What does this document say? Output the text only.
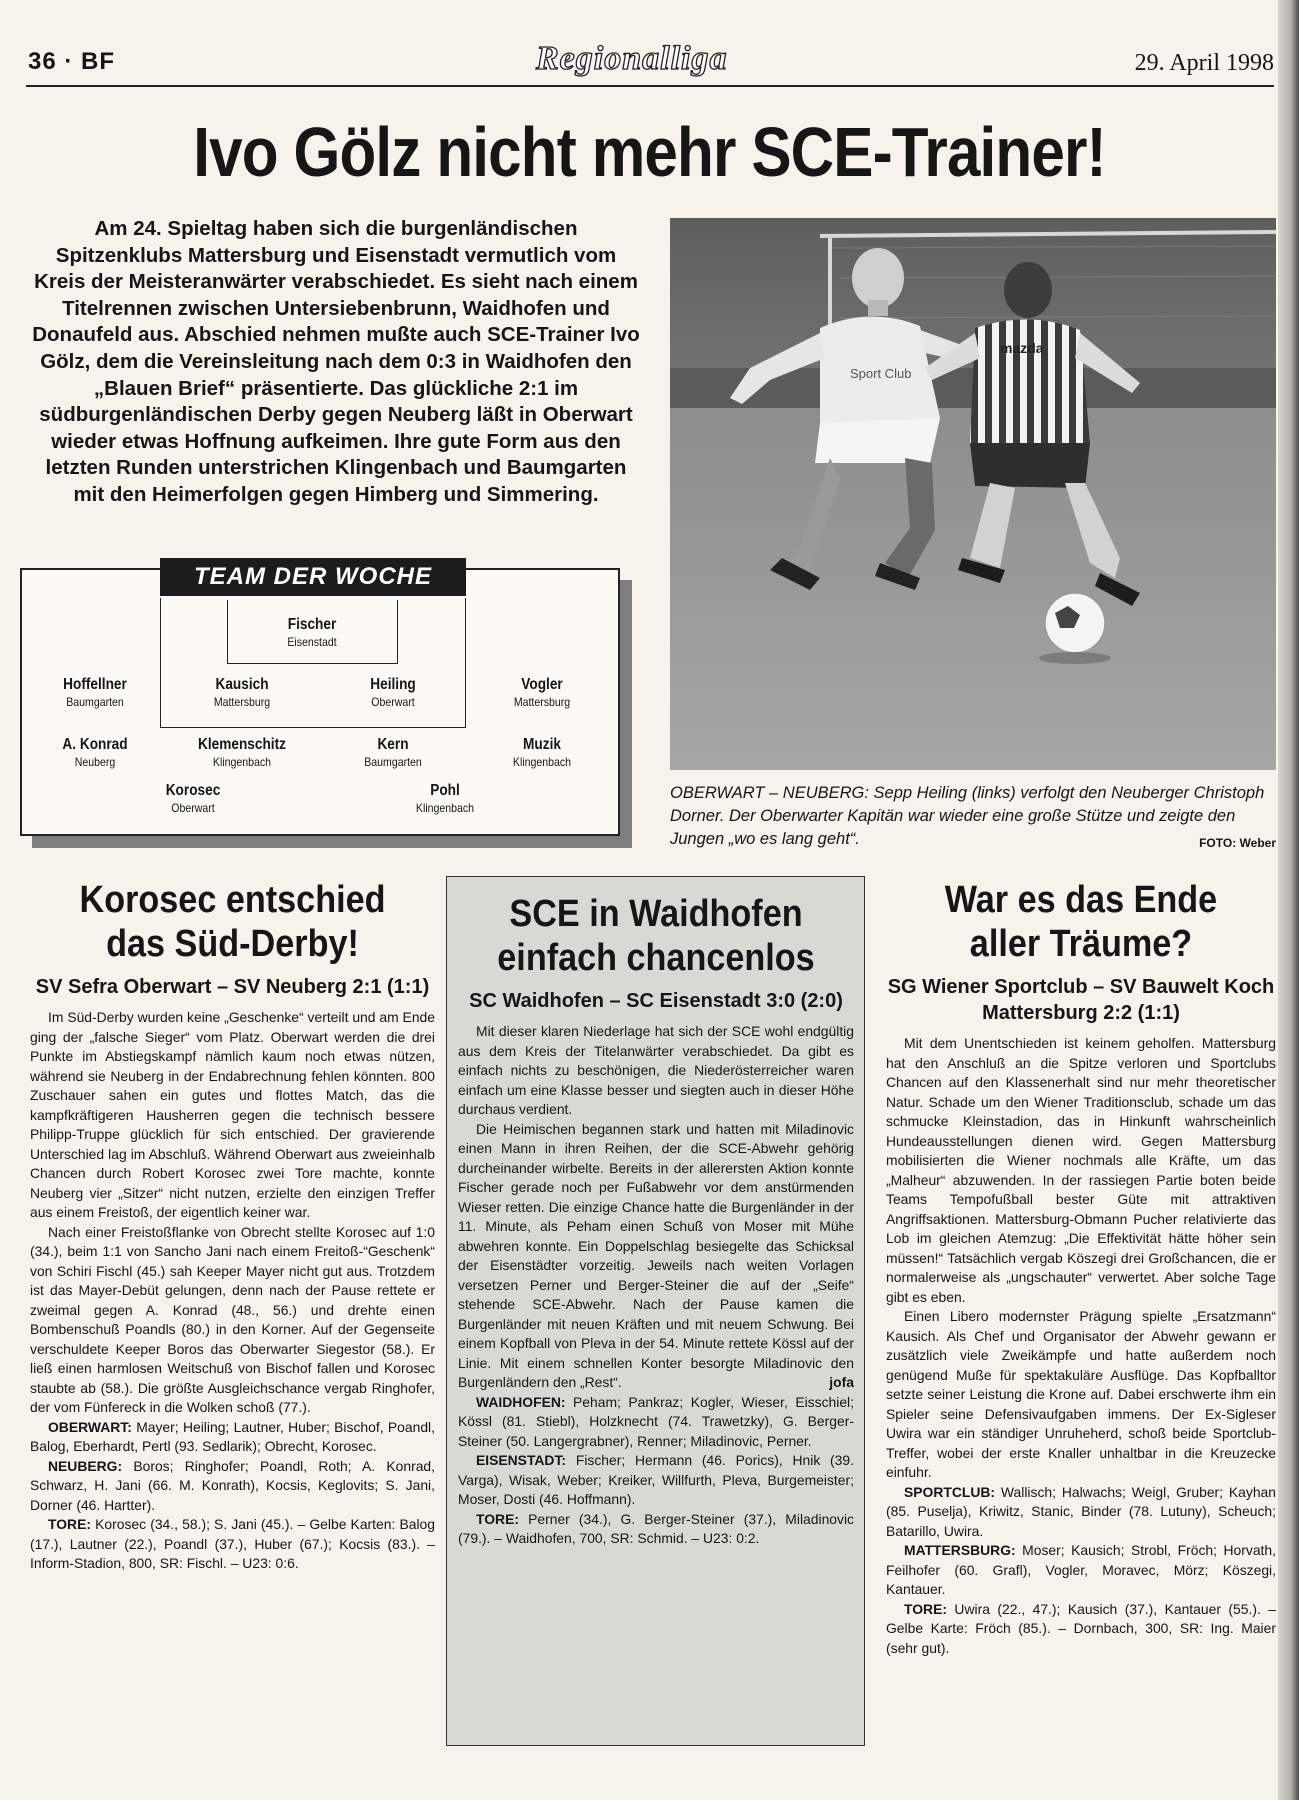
36 · BF	Regionalliga	29. April 1998
Ivo Gölz nicht mehr SCE-Trainer!
Am 24. Spieltag haben sich die burgenländischen Spitzenklubs Mattersburg und Eisenstadt vermutlich vom Kreis der Meisteranwärter verabschiedet. Es sieht nach einem Titelrennen zwischen Untersiebenbrunn, Waidhofen und Donaufeld aus. Abschied nehmen mußte auch SCE-Trainer Ivo Gölz, dem die Vereinsleitung nach dem 0:3 in Waidhofen den „Blauen Brief“ präsentierte. Das glückliche 2:1 im südburgenländischen Derby gegen Neuberg läßt in Oberwart wieder etwas Hoffnung aufkeimen. Ihre gute Form aus den letzten Runden unterstrichen Klingenbach und Baumgarten mit den Heimerfolgen gegen Himberg und Simmering.
Sport Club
mazda
OBERWART – NEUBERG: Sepp Heiling (links) verfolgt den Neuberger Christoph Dorner. Der Oberwarter Kapitän war wieder eine große Stütze und zeigte den Jungen „wo es lang geht“.	FOTO: Weber
TEAM DER WOCHE
Fischer
Eisenstadt
Hoffellner
Baumgarten
Kausich
Mattersburg
Heiling
Oberwart
Vogler
Mattersburg
A. Konrad
Neuberg
Klemenschitz
Klingenbach
Kern
Baumgarten
Muzik
Klingenbach
Korosec
Oberwart
Pohl
Klingenbach
Korosec entschied das Süd-Derby!
SV Sefra Oberwart – SV Neuberg 2:1 (1:1)

Im Süd-Derby wurden keine „Geschenke“ verteilt und am Ende ging der „falsche Sieger“ vom Platz. Oberwart werden die drei Punkte im Abstiegskampf nämlich kaum noch etwas nützen, während sie Neuberg in der Endabrechnung fehlen könnten. 800 Zuschauer sahen ein gutes und flottes Match, das die kampfkräftigeren Hausherren gegen die technisch bessere Philipp-Truppe glücklich für sich entschied. Der gravierende Unterschied lag im Abschluß. Während Oberwart aus zweieinhalb Chancen durch Robert Korosec zwei Tore machte, konnte Neuberg vier „Sitzer“ nicht nutzen, erzielte den einzigen Treffer aus einem Freistoß, der eigentlich keiner war.

Nach einer Freistoßflanke von Obrecht stellte Korosec auf 1:0 (34.), beim 1:1 von Sancho Jani nach einem Freitoß-“Geschenk“ von Schiri Fischl (45.) sah Keeper Mayer nicht gut aus. Trotzdem ist das Mayer-Debüt gelungen, denn nach der Pause rettete er zweimal gegen A. Konrad (48., 56.) und drehte einen Bombenschuß Poandls (80.) in den Korner. Auf der Gegenseite verschuldete Keeper Boros das Oberwarter Siegestor (58.). Er ließ einen harmlosen Weitschuß von Bischof fallen und Korosec staubte ab (58.). Die größte Ausgleichschance vergab Ringhofer, der vom Fünfereck in die Wolken schoß (77.).

OBERWART: Mayer; Heiling; Lautner, Huber; Bischof, Poandl, Balog, Eberhardt, Pertl (93. Sedlarik); Obrecht, Korosec.

NEUBERG: Boros; Ringhofer; Poandl, Roth; A. Konrad, Schwarz, H. Jani (66. M. Konrath), Kocsis, Keglovits; S. Jani, Dorner (46. Hartter).

TORE: Korosec (34., 58.); S. Jani (45.). – Gelbe Karten: Balog (17.), Lautner (22.), Poandl (37.), Huber (67.); Kocsis (83.). – Inform-Stadion, 800, SR: Fischl. – U23: 0:6.

SCE in Waidhofen einfach chancenlos
SC Waidhofen – SC Eisenstadt 3:0 (2:0)

Mit dieser klaren Niederlage hat sich der SCE wohl endgültig aus dem Kreis der Titelanwärter verabschiedet. Da gibt es einfach nichts zu beschönigen, die Niederösterreicher waren einfach um eine Klasse besser und siegten auch in dieser Höhe durchaus verdient.

Die Heimischen begannen stark und hatten mit Miladinovic einen Mann in ihren Reihen, der die SCE-Abwehr gehörig durcheinander wirbelte. Bereits in der allerersten Aktion konnte Fischer gerade noch per Fußabwehr vor dem anstürmenden Wieser retten. Die einzige Chance hatte die Burgenländer in der 11. Minute, als Peham einen Schuß von Moser mit Mühe abwehren konnte. Ein Doppelschlag besiegelte das Schicksal der Eisenstädter vorzeitig. Jeweils nach weiten Vorlagen versetzen Perner und Berger-Steiner die auf der „Seife“ stehende SCE-Abwehr. Nach der Pause kamen die Burgenländer mit neuen Kräften und mit neuem Schwung. Bei einem Kopfball von Pleva in der 54. Minute rettete Kössl auf der Linie. Mit einem schnellen Konter besorgte Miladinovic den Burgenländern den „Rest“.	jofa

WAIDHOFEN: Peham; Pankraz; Kogler, Wieser, Eisschiel; Kössl (81. Stiebl), Holzknecht (74. Trawetzky), G. Berger-Steiner (50. Langergrabner), Renner; Miladinovic, Perner.

EISENSTADT: Fischer; Hermann (46. Porics), Hnik (39. Varga), Wisak, Weber; Kreiker, Willfurth, Pleva, Burgemeister; Moser, Dosti (46. Hoffmann).

TORE: Perner (34.), G. Berger-Steiner (37.), Miladinovic (79.). – Waidhofen, 700, SR: Schmid. – U23: 0:2.

War es das Ende aller Träume?
SG Wiener Sportclub – SV Bauwelt Koch Mattersburg 2:2 (1:1)

Mit dem Unentschieden ist keinem geholfen. Mattersburg hat den Anschluß an die Spitze verloren und Sportclubs Chancen auf den Klassenerhalt sind nur mehr theoretischer Natur. Schade um den Wiener Traditionsclub, schade um das schmucke Kleinstadion, das in Hinkunft wahrscheinlich Hundeausstellungen dienen wird. Gegen Mattersburg mobilisierten die Wiener nochmals alle Kräfte, um das „Malheur“ abzuwenden. In der rassiegen Partie boten beide Teams Tempofußball bester Güte mit attraktiven Angriffsaktionen. Mattersburg-Obmann Pucher relativierte das Lob im gleichen Atemzug: „Die Effektivität hätte höher sein müssen!“ Tatsächlich vergab Köszegi drei Großchancen, die er normalerweise als „ungschauter“ verwertet. Aber solche Tage gibt es eben.

Einen Libero modernster Prägung spielte „Ersatzmann“ Kausich. Als Chef und Organisator der Abwehr gewann er zusätzlich viele Zweikämpfe und hatte außerdem noch genügend Muße für spektakuläre Ausflüge. Das Kopfballtor setzte seiner Leistung die Krone auf. Dabei erschwerte ihm ein Spieler seine Defensivaufgaben immens. Der Ex-Sigleser Uwira war ein ständiger Unruheherd, schoß beide Sportclub-Treffer, wobei der erste Knaller unhaltbar in die Kreuzecke einfuhr.

SPORTCLUB: Wallisch; Halwachs; Weigl, Gruber; Kayhan (85. Puselja), Kriwitz, Stanic, Binder (78. Lutuny), Scheuch; Batarillo, Uwira.

MATTERSBURG: Moser; Kausich; Strobl, Fröch; Horvath, Feilhofer (60. Grafl), Vogler, Moravec, Mörz; Köszegi, Kantauer.

TORE: Uwira (22., 47.); Kausich (37.), Kantauer (55.). – Gelbe Karte: Fröch (85.). – Dornbach, 300, SR: Ing. Maier (sehr gut).
